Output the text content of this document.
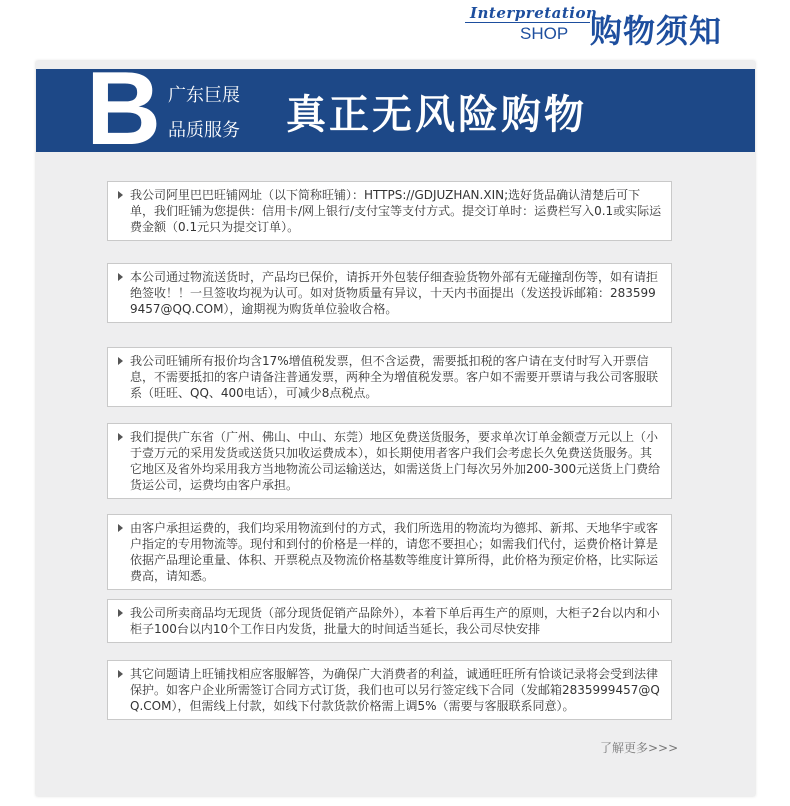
Interpretation
SHOP 购物须知
B 广东巨展
品质服务 真正无风险购物
我公司阿里巴巴旺铺网址（以下简称旺铺）：HTTPS://GDJUZHAN.XIN;选好货品确认清楚后可下单，我们旺铺为您提供：信用卡/网上银行/支付宝等支付方式。提交订单时：运费栏写入0.1或实际运费金额（0.1元只为提交订单）。
本公司通过物流送货时，产品均已保价，请拆开外包装仔细查验货物外部有无碰撞刮伤等，如有请拒绝签收！！一旦签收均视为认可。如对货物质量有异议，十天内书面提出（发送投诉邮箱：2835999457@QQ.COM），逾期视为购货单位验收合格。
我公司旺铺所有报价均含17%增值税发票，但不含运费，需要抵扣税的客户请在支付时写入开票信息，不需要抵扣的客户请备注普通发票，两种全为增值税发票。客户如不需要开票请与我公司客服联系（旺旺、QQ、400电话），可减少8点税点。
我们提供广东省（广州、佛山、中山、东莞）地区免费送货服务，要求单次订单金额壹万元以上（小于壹万元的采用发货或送货只加收运费成本），如长期使用者客户我们会考虑长久免费送货服务。其它地区及省外均采用我方当地物流公司运输送达，如需送货上门每次另外加200-300元送货上门费给货运公司，运费均由客户承担。
由客户承担运费的，我们均采用物流到付的方式，我们所选用的物流均为德邦、新邦、天地华宇或客户指定的专用物流等。现付和到付的价格是一样的，请您不要担心；如需我们代付，运费价格计算是依据产品理论重量、体积、开票税点及物流价格基数等维度计算所得，此价格为预定价格，比实际运费高，请知悉。
我公司所卖商品均无现货（部分现货促销产品除外），本着下单后再生产的原则，大柜子2台以内和小柜子100台以内10个工作日内发货，批量大的时间适当延长，我公司尽快安排
其它问题请上旺铺找相应客服解答，为确保广大消费者的利益，诚通旺旺所有恰谈记录将会受到法律保护。如客户企业所需签订合同方式订货，我们也可以另行签定线下合同（发邮箱2835999457@QQ.COM），但需线上付款，如线下付款货款价格需上调5%（需要与客服联系同意）。
了解更多>>>
